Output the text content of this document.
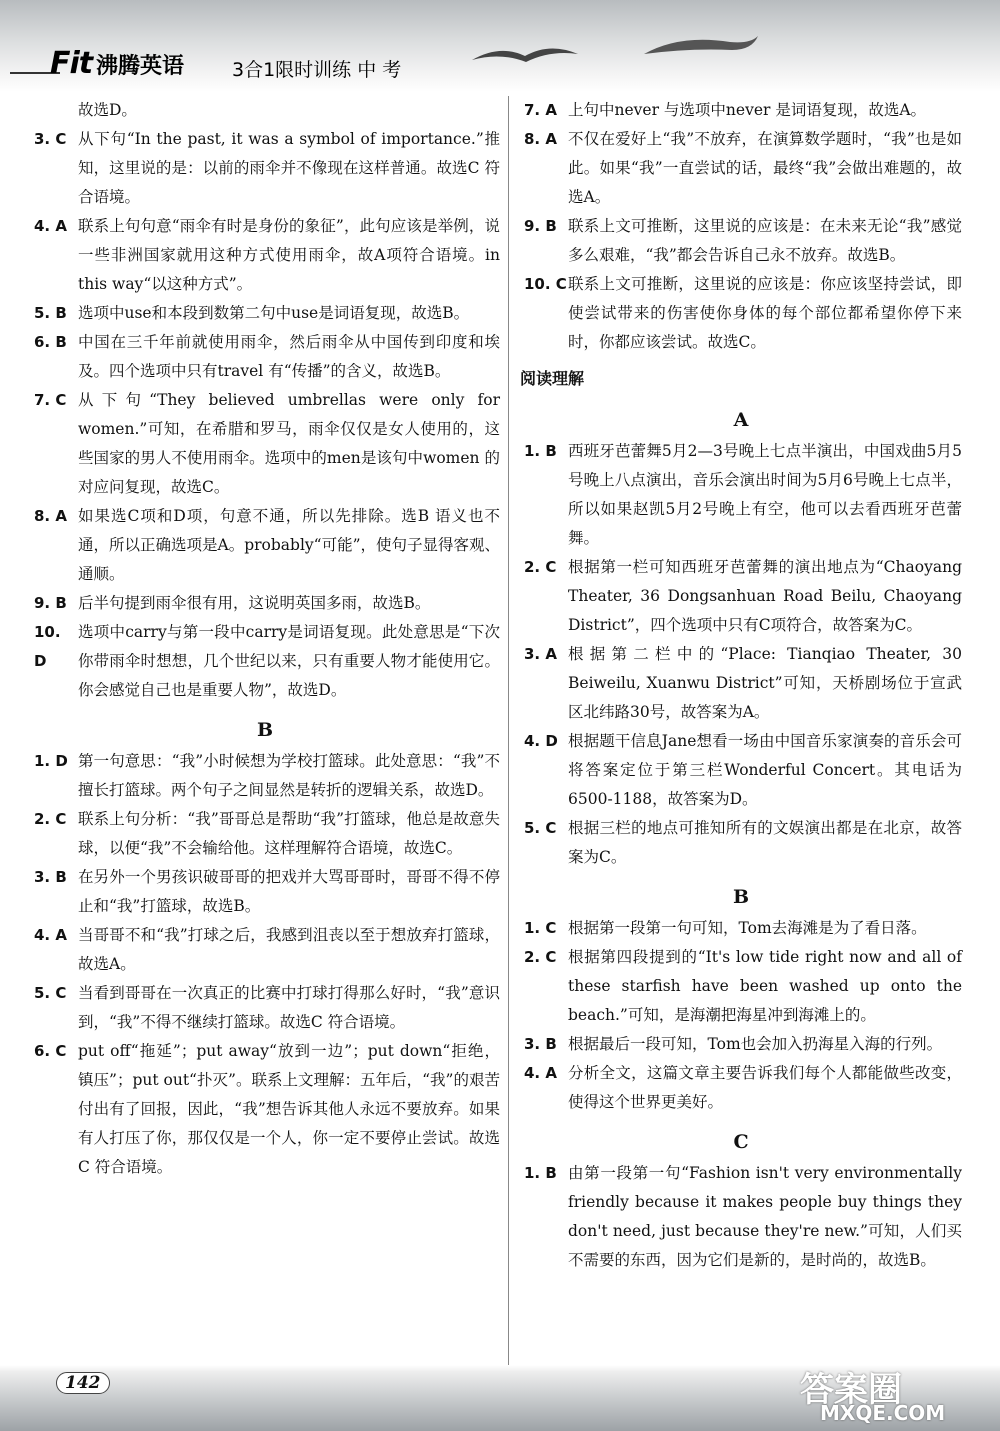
Fit 沸腾英语	3合1限时训练 中 考
故选D。
3. C 从下句“In the past, it was a symbol of importance.”推知，这里说的是：以前的雨伞并不像现在这样普通。故选C 符合语境。
4. A 联系上句句意“雨伞有时是身份的象征”，此句应该是举例，说一些非洲国家就用这种方式使用雨伞，故A项符合语境。in this way“以这种方式”。
5. B 选项中use和本段到数第二句中use是词语复现，故选B。
6. B 中国在三千年前就使用雨伞，然后雨伞从中国传到印度和埃及。四个选项中只有travel 有“传播”的含义，故选B。
7. C 从下句“They believed umbrellas were only for women.”可知，在希腊和罗马，雨伞仅仅是女人使用的，这些国家的男人不使用雨伞。选项中的men是该句中women 的对应问复现，故选C。
8. A 如果选C项和D项，句意不通，所以先排除。选B 语义也不通，所以正确选项是A。probably“可能”，使句子显得客观、通顺。
9. B 后半句提到雨伞很有用，这说明英国多雨，故选B。
10. D
选项中carry与第一段中carry是词语复现。此处意思是“下次你带雨伞时想想，几个世纪以来，只有重要人物才能使用它。你会感觉自己也是重要人物”，故选D。
B
1. D 第一句意思：“我”小时候想为学校打篮球。此处意思：“我”不擅长打篮球。两个句子之间显然是转折的逻辑关系，故选D。
2. C 联系上句分析：“我”哥哥总是帮助“我”打篮球，他总是故意失球，以便“我”不会输给他。这样理解符合语境，故选C。
3. B 在另外一个男孩识破哥哥的把戏并大骂哥哥时，哥哥不得不停止和“我”打篮球，故选B。
4. A 当哥哥不和“我”打球之后，我感到沮丧以至于想放弃打篮球，故选A。
5. C 当看到哥哥在一次真正的比赛中打球打得那么好时，“我”意识到，“我”不得不继续打篮球。故选C 符合语境。
6. C put off“拖延”；put away“放到一边”；put down“拒绝，镇压”；put out“扑灭”。联系上文理解：五年后，“我”的艰苦付出有了回报，因此，“我”想告诉其他人永远不要放弃。如果有人打压了你，那仅仅是一个人，你一定不要停止尝试。故选C 符合语境。
7. A 上句中never 与选项中never 是词语复现，故选A。
8. A 不仅在爱好上“我”不放弃，在演算数学题时，“我”也是如此。如果“我”一直尝试的话，最终“我”会做出难题的，故选A。
9. B 联系上文可推断，这里说的应该是：在未来无论“我”感觉多么艰难，“我”都会告诉自己永不放弃。故选B。
10. C 联系上文可推断，这里说的应该是：你应该坚持尝试，即使尝试带来的伤害使你身体的每个部位都希望你停下来时，你都应该尝试。故选C。
阅读理解
A
1. B 西班牙芭蕾舞5月2—3号晚上七点半演出，中国戏曲5月5号晚上八点演出，音乐会演出时间为5月6号晚上七点半，所以如果赵凯5月2号晚上有空，他可以去看西班牙芭蕾舞。
2. C 根据第一栏可知西班牙芭蕾舞的演出地点为“Chaoyang Theater, 36 Dongsanhuan Road Beilu, Chaoyang District”，四个选项中只有C项符合，故答案为C。
3. A 根据第二栏中的“Place: Tianqiao Theater, 30 Beiweilu, Xuanwu District”可知，天桥剧场位于宣武区北纬路30号，故答案为A。
4. D 根据题干信息Jane想看一场由中国音乐家演奏的音乐会可将答案定位于第三栏Wonderful Concert。其电话为6500-1188，故答案为D。
5. C 根据三栏的地点可推知所有的文娱演出都是在北京，故答案为C。
B
1. C 根据第一段第一句可知，Tom去海滩是为了看日落。
2. C 根据第四段提到的“It's low tide right now and all of these starfish have been washed up onto the beach.”可知，是海潮把海星冲到海滩上的。
3. B 根据最后一段可知，Tom也会加入扔海星入海的行列。
4. A 分析全文，这篇文章主要告诉我们每个人都能做些改变，使得这个世界更美好。
C
1. B 由第一段第一句“Fashion isn't very environmentally friendly because it makes people buy things they don't need, just because they're new.”可知，人们买不需要的东西，因为它们是新的，是时尚的，故选B。
142	答案圈
MXQE.COM
